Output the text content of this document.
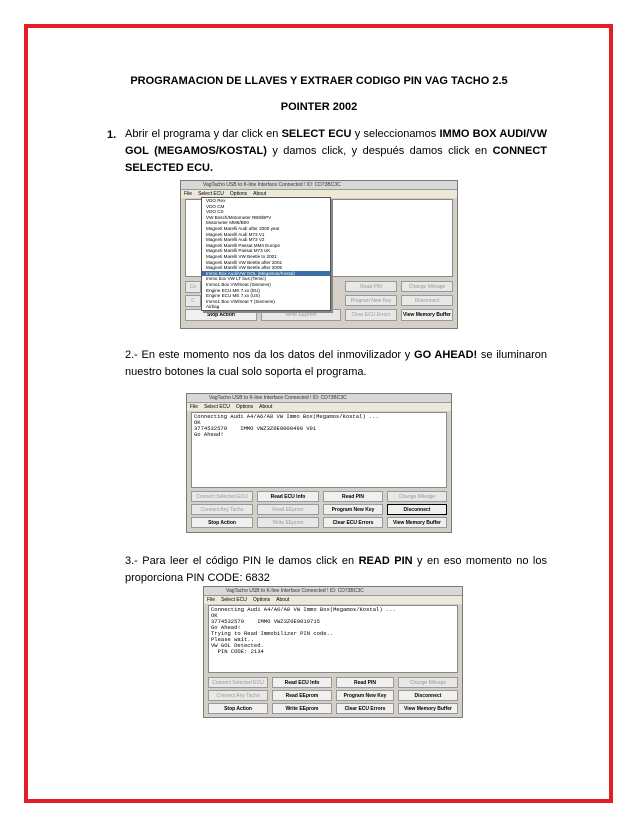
PROGRAMACION DE LLAVES Y EXTRAER CODIGO PIN VAG TACHO 2.5
POINTER 2002
1. Abrir el programa y dar click en SELECT ECU y seleccionamos IMMO BOX AUDI/VW GOL (MEGAMOS/KOSTAL) y damos click, y después damos click en CONNECT SELECTED ECU.
VagTacho USB to K-line Interface Connected ! ID: CD73BC3C
File Select ECU Options About
Co
C
Read PIN	Change Mileage
Program New Key	Disconnect
Stop Action	Write EEprom	Clear ECU Errors	View Memory Buffer
VDO Rex
VDO CM
VDO CS
VW Bosch/Motometer RB8/BPV
Motometer MM8/B00
Magneti Marelli Audi after 2000 year
Magneti Marelli Audi M73 V1
Magneti Marelli Audi M73 V2
Magneti Marelli Passat MM4 Europe
Magneti Marelli Passat M73 UK
Magneti Marelli VW Beetle to 2001
Magneti Marelli VW Beetle after 2001
Magneti Marelli VW Beetle after 2005
Immo Box Audi/VW GOL (Megamos/Kostal)
Immo box VW LT bus (Temic)
Immo1 Box VW/Seat (Siemens)
Engine ECU ME 7.xx (EU)
Engine ECU ME 7.xx (US)
Immo1 Box VW/Seat T (Siemens)
Airbag
2.- En este momento nos da los datos del inmovilizador y GO AHEAD! se iluminaron nuestro botones la cual solo soporta el programa.
VagTacho USB to K-line Interface Connected ! ID: CD73BC3C
File Select ECU Options About
Connecting Audi A4/A6/A8 VW Immo Box(Megamos/Kostal) ...
OK
3774532579    IMMO VWZ3Z0E9000490 V01
Go Ahead!
Connect Selected ECU	Read ECU Info	Read PIN	Change Mileage
Connect Any Tacho	Read EEprom	Program New Key	Disconnect
Stop Action	Write EEprom	Clear ECU Errors	View Memory Buffer
3.- Para leer el código PIN le damos click en READ PIN y en eso momento no los proporciona PIN CODE: 6832
VagTacho USB to K-line Interface Connected ! ID: CD73BC3C
File Select ECU Options About
Connecting Audi A4/A6/A8 VW Immo Box(Megamos/Kostal) ...
OK
3774532579    IMMO VWZ3Z0E9019715
Go Ahead!
Trying to Read Immobilizer PIN code..
Please wait..
VW GOL Detected.
PIN CODE: 2134
Connect Selected ECU	Read ECU Info	Read PIN	Change Mileage
Connect Any Tacho	Read EEprom	Program New Key	Disconnect
Stop Action	Write EEprom	Clear ECU Errors	View Memory Buffer
